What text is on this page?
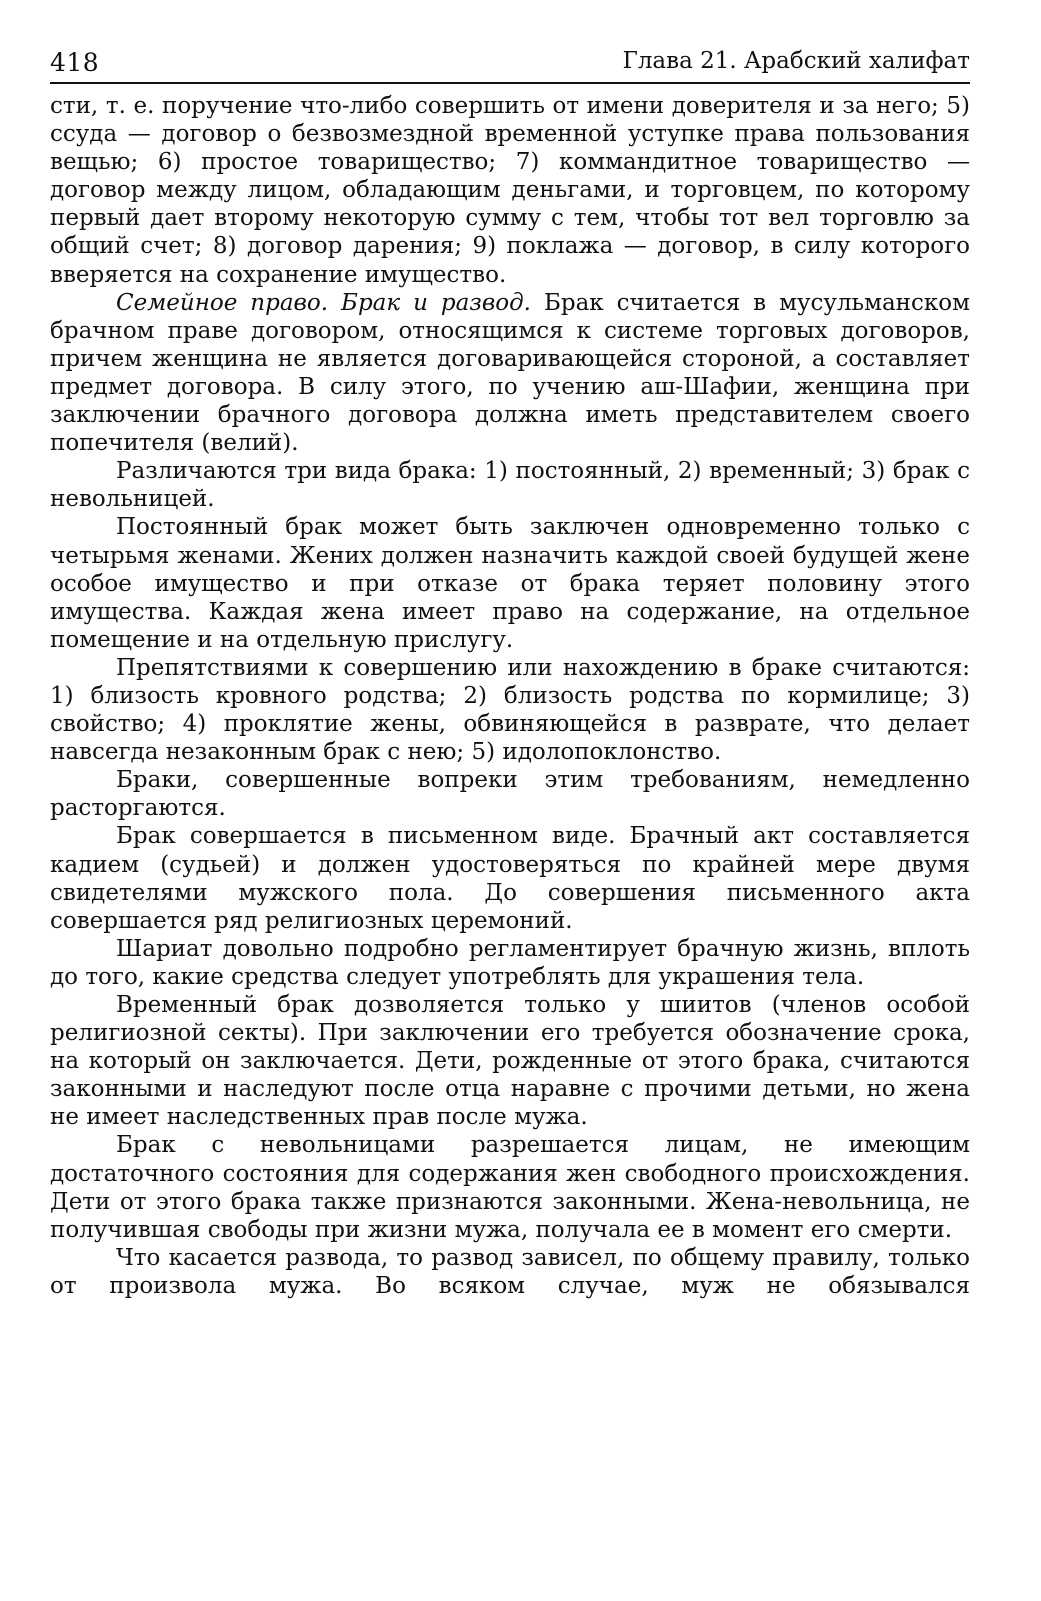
418	Глава 21. Арабский халифат

сти, т. е. поручение что-либо совершить от имени доверителя и за него; 5) ссуда — договор о безвозмездной временной уступке права пользования вещью; 6) простое товарищество; 7) коммандитное товарищество — договор между лицом, обладающим деньгами, и торговцем, по которому первый дает второму некоторую сумму с тем, чтобы тот вел торговлю за общий счет; 8) договор дарения; 9) поклажа — договор, в силу которого вверяется на сохранение имущество.

Семейное право. Брак и развод. Брак считается в мусульманском брачном праве договором, относящимся к системе торговых договоров, причем женщина не является договаривающейся стороной, а составляет предмет договора. В силу этого, по учению аш-Шафии, женщина при заключении брачного договора должна иметь представителем своего попечителя (велий).

Различаются три вида брака: 1) постоянный, 2) временный; 3) брак с невольницей.

Постоянный брак может быть заключен одновременно только с четырьмя женами. Жених должен назначить каждой своей будущей жене особое имущество и при отказе от брака теряет половину этого имущества. Каждая жена имеет право на содержание, на отдельное помещение и на отдельную прислугу.

Препятствиями к совершению или нахождению в браке считаются: 1) близость кровного родства; 2) близость родства по кормилице; 3) свойство; 4) проклятие жены, обвиняющейся в разврате, что делает навсегда незаконным брак с нею; 5) идолопоклонство.

Браки, совершенные вопреки этим требованиям, немедленно расторгаются.

Брак совершается в письменном виде. Брачный акт составляется кадием (судьей) и должен удостоверяться по крайней мере двумя свидетелями мужского пола. До совершения письменного акта совершается ряд религиозных церемоний.

Шариат довольно подробно регламентирует брачную жизнь, вплоть до того, какие средства следует употреблять для украшения тела.

Временный брак дозволяется только у шиитов (членов особой религиозной секты). При заключении его требуется обозначение срока, на который он заключается. Дети, рожденные от этого брака, считаются законными и наследуют после отца наравне с прочими детьми, но жена не имеет наследственных прав после мужа.

Брак с невольницами разрешается лицам, не имеющим достаточного состояния для содержания жен свободного происхождения. Дети от этого брака также признаются законными. Жена-невольница, не получившая свободы при жизни мужа, получала ее в момент его смерти.

Что касается развода, то развод зависел, по общему правилу, только от произвола мужа. Во всяком случае, муж не обязывался
